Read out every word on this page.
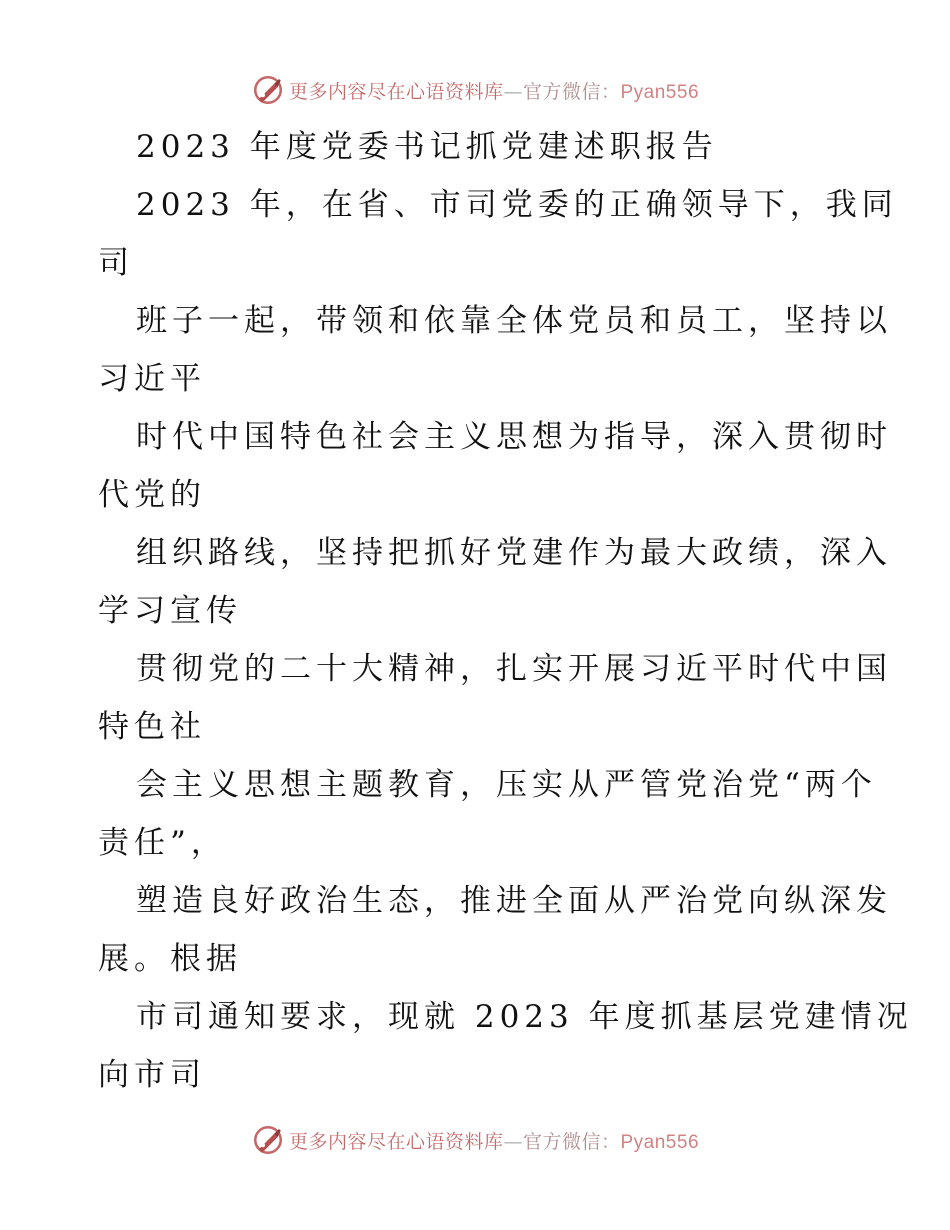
更多内容尽在心语资料库—官方微信：Pyan556
2023 年度党委书记抓党建述职报告
2023 年，在省、市司党委的正确领导下，我同
司
班子一起，带领和依靠全体党员和员工，坚持以
习近平
时代中国特色社会主义思想为指导，深入贯彻时
代党的
组织路线，坚持把抓好党建作为最大政绩，深入
学习宣传
贯彻党的二十大精神，扎实开展习近平时代中国
特色社
会主义思想主题教育，压实从严管党治党“两个
责任”，
塑造良好政治生态，推进全面从严治党向纵深发
展。根据
市司通知要求，现就 2023 年度抓基层党建情况
向市司
更多内容尽在心语资料库—官方微信：Pyan556
